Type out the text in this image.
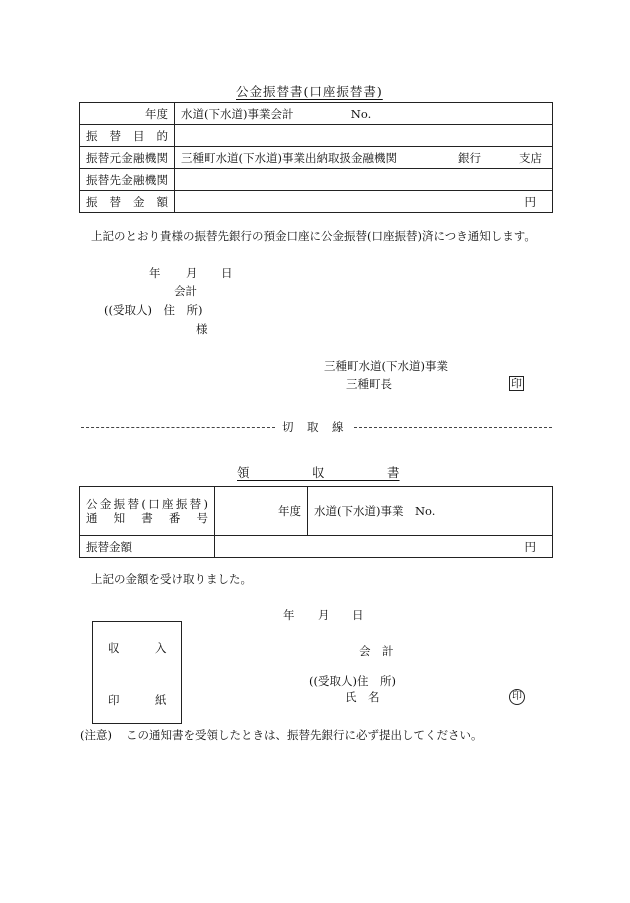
公金振替書(口座振替書)
年度	水道(下水道)事業会計 No.
振　替　目　的	
振替元金融機関	三種町水道(下水道)事業出納取扱金融機関 銀行 支店

振替先金融機関	
振　替　金　額	円
上記のとおり貴様の振替先銀行の預金口座に公金振替(口座振替)済につき通知します。
年 月 日
会計
((受取人)　住　所)
様
三種町水道(下水道)事業
三種町長	印
切　取　線
領　　　　　収　　　　　書
公金振替(口座振替)
通　知　書　番　号	年度	水道(下水道)事業　No.
振替金額	円	
上記の金額を受け取りました。
年 月 日
収	入
印	紙
会　計
((受取人)住　所)
氏　名	印
(注意) この通知書を受領したときは、振替先銀行に必ず提出してください。
